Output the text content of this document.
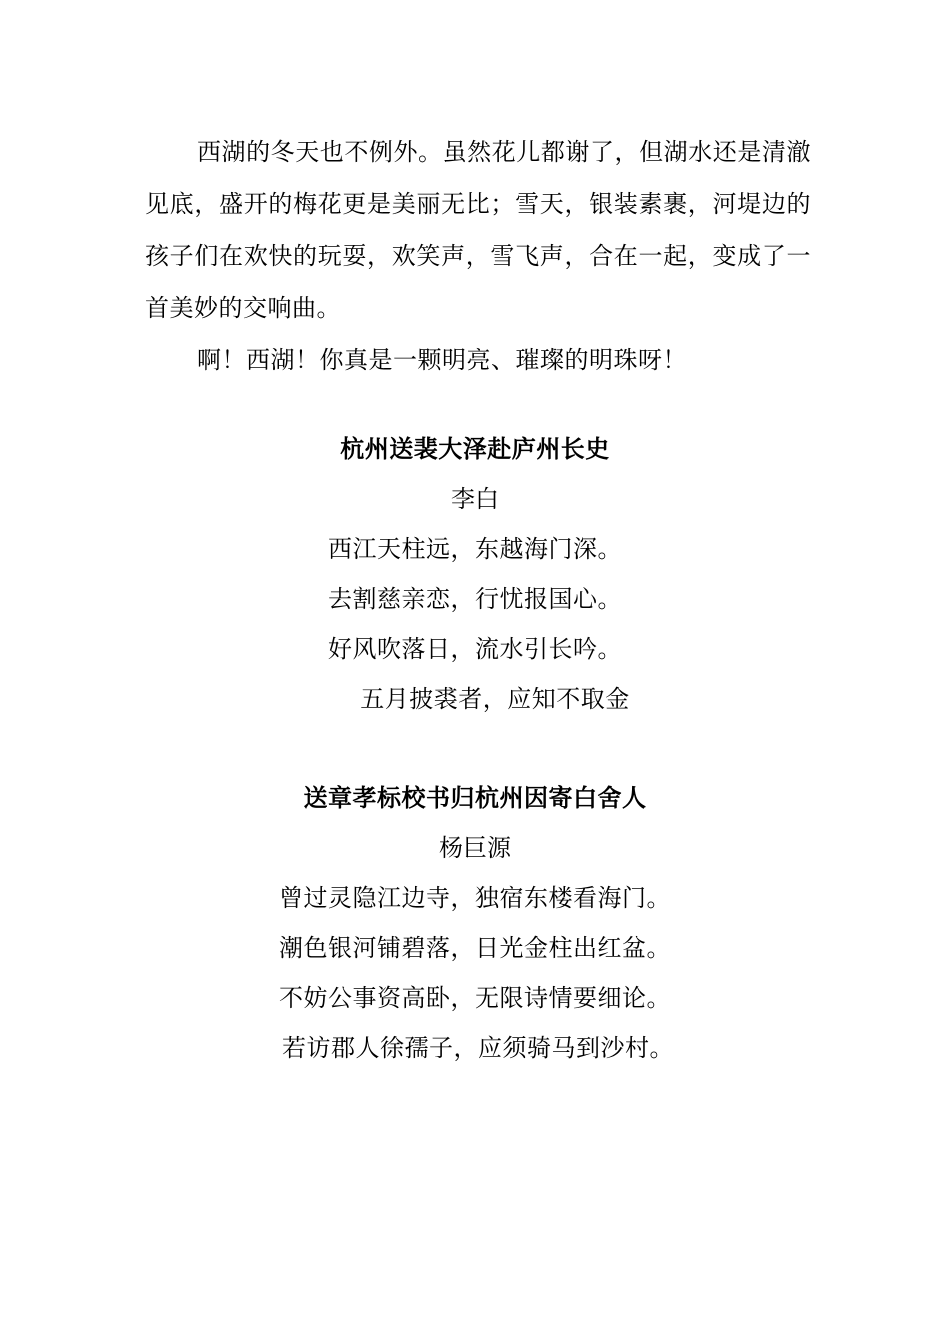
西湖的冬天也不例外。虽然花儿都谢了，但湖水还是清澈见底，盛开的梅花更是美丽无比；雪天，银装素裹，河堤边的孩子们在欢快的玩耍，欢笑声，雪飞声，合在一起，变成了一首美妙的交响曲。

啊！西湖！你真是一颗明亮、璀璨的明珠呀！

杭州送裴大泽赴庐州长史

李白

西江天柱远，东越海门深。

去割慈亲恋，行忧报国心。

好风吹落日，流水引长吟。

五月披裘者，应知不取金

送章孝标校书归杭州因寄白舍人

杨巨源

曾过灵隐江边寺，独宿东楼看海门。

潮色银河铺碧落，日光金柱出红盆。

不妨公事资高卧，无限诗情要细论。

若访郡人徐孺子，应须骑马到沙村。
